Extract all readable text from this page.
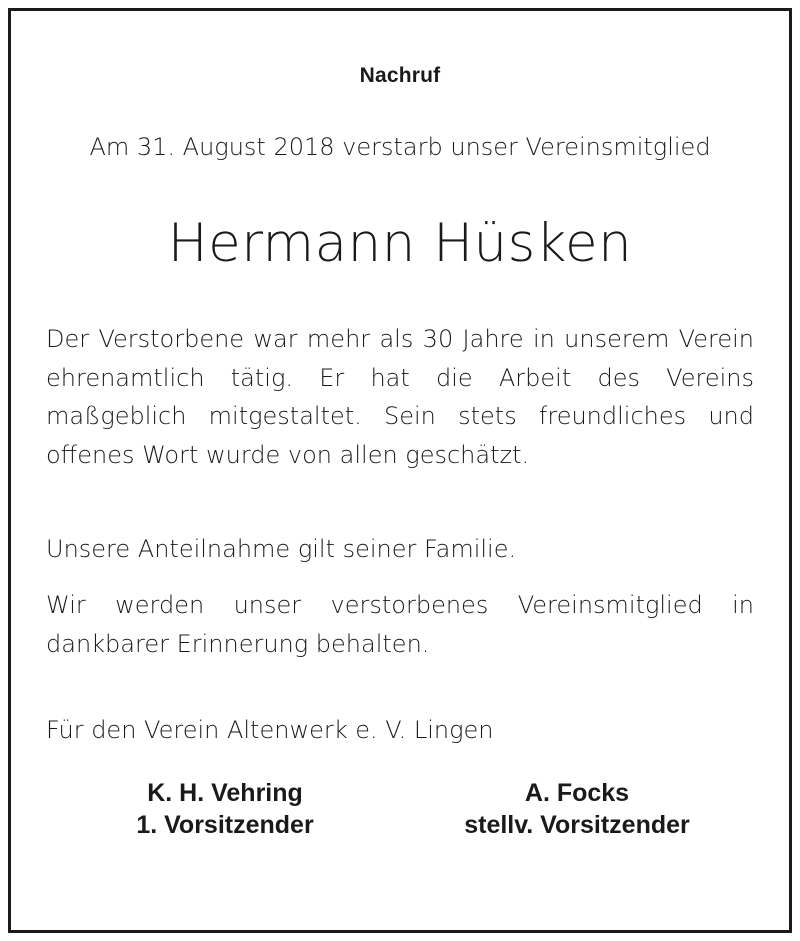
Nachruf
Am 31. August 2018 verstarb unser Vereinsmitglied
Hermann Hüsken

Der Verstorbene war mehr als 30 Jahre in unserem Verein ehrenamtlich tätig. Er hat die Arbeit des Vereins maßgeblich mitgestaltet. Sein stets freundliches und offenes Wort wurde von allen geschätzt.

Unsere Anteilnahme gilt seiner Familie.

Wir werden unser verstorbenes Vereinsmitglied in dankbarer Erinnerung behalten.

Für den Verein Altenwerk e. V. Lingen
K. H. Vehring
1. Vorsitzender
A. Focks
stellv. Vorsitzender
